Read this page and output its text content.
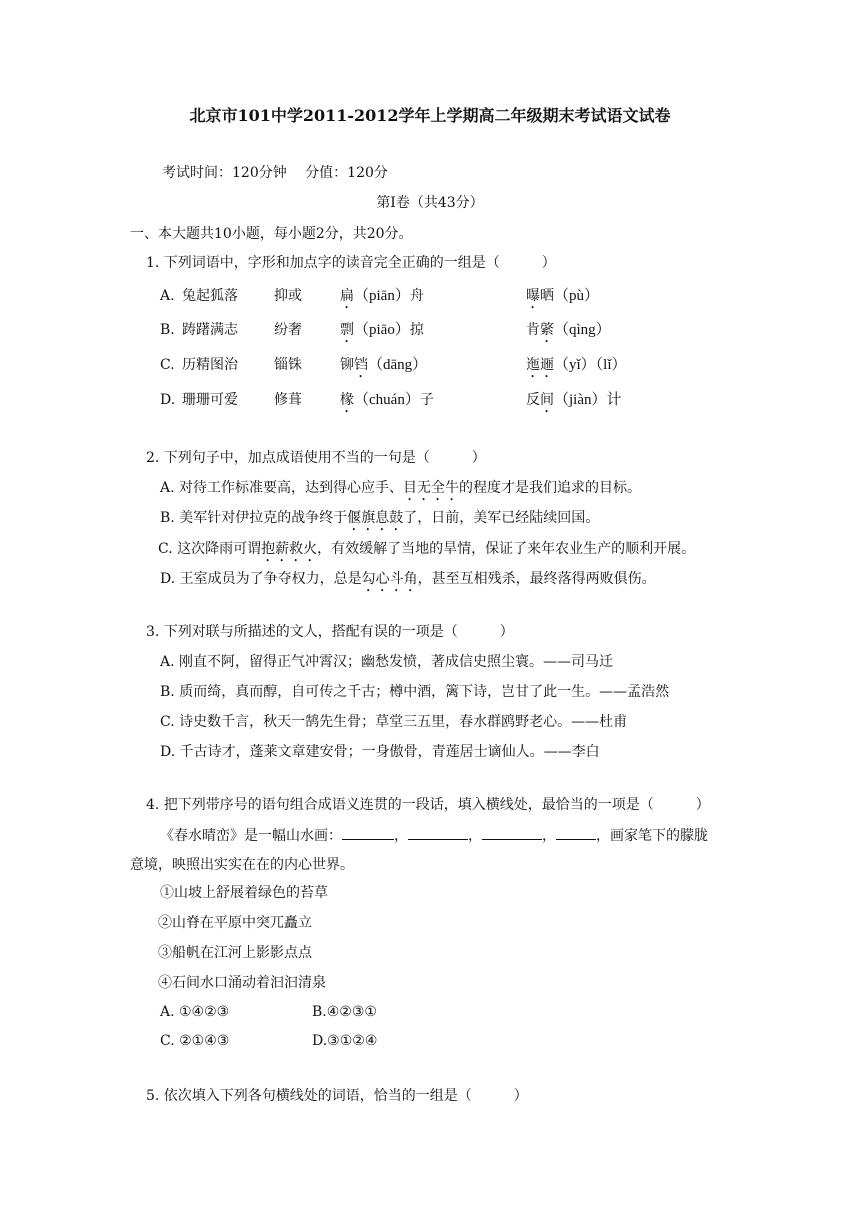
北京市101中学2011-2012学年上学期高二年级期末考试语文试卷
考试时间：120分钟　 分值：120分
第Ⅰ卷（共43分）
一、本大题共10小题，每小题2分，共20分。
1. 下列词语中，字形和加点字的读音完全正确的一组是（　　　）
A. 兔起狐落	抑或	扁（piān）舟	曝晒（pù）
B. 踌躇满志	纷奢	剽（piāo）掠	肯綮（qìng）
C. 历精图治	锱铢	铆铛（dāng）	迤逦（yǐ）（lǐ）
D. 珊珊可爱	修葺	椽（chuán）子	反间（jiàn）计
2. 下列句子中，加点成语使用不当的一句是（　　　）
A. 对待工作标准要高，达到得心应手、目无全牛的程度才是我们追求的目标。
B. 美军针对伊拉克的战争终于偃旗息鼓了，日前，美军已经陆续回国。
C. 这次降雨可谓抱薪救火，有效缓解了当地的旱情，保证了来年农业生产的顺利开展。
D. 王室成员为了争夺权力，总是勾心斗角，甚至互相残杀，最终落得两败俱伤。
3. 下列对联与所描述的文人，搭配有误的一项是（　　　）
A. 刚直不阿，留得正气冲霄汉；幽愁发愤，著成信史照尘寰。——司马迁
B. 质而绮，真而醇，自可传之千古；樽中酒，篱下诗，岂甘了此一生。——孟浩然
C. 诗史数千言，秋天一鹄先生骨；草堂三五里，春水群鸥野老心。——杜甫
D. 千古诗才，蓬莱文章建安骨；一身傲骨，青莲居士谪仙人。——李白
4. 把下列带序号的语句组合成语义连贯的一段话，填入横线处，最恰当的一项是（　　　）
《春水晴峦》是一幅山水画：	，	，	，	，画家笔下的朦胧
意境，映照出实实在在的内心世界。
①山坡上舒展着绿色的苔草
②山脊在平原中突兀矗立
③船帆在江河上影影点点
④石间水口涌动着汩汩清泉
A. ①④②③	B.④②③①
C. ②①④③	D.③①②④
5. 依次填入下列各句横线处的词语，恰当的一组是（　　　）
